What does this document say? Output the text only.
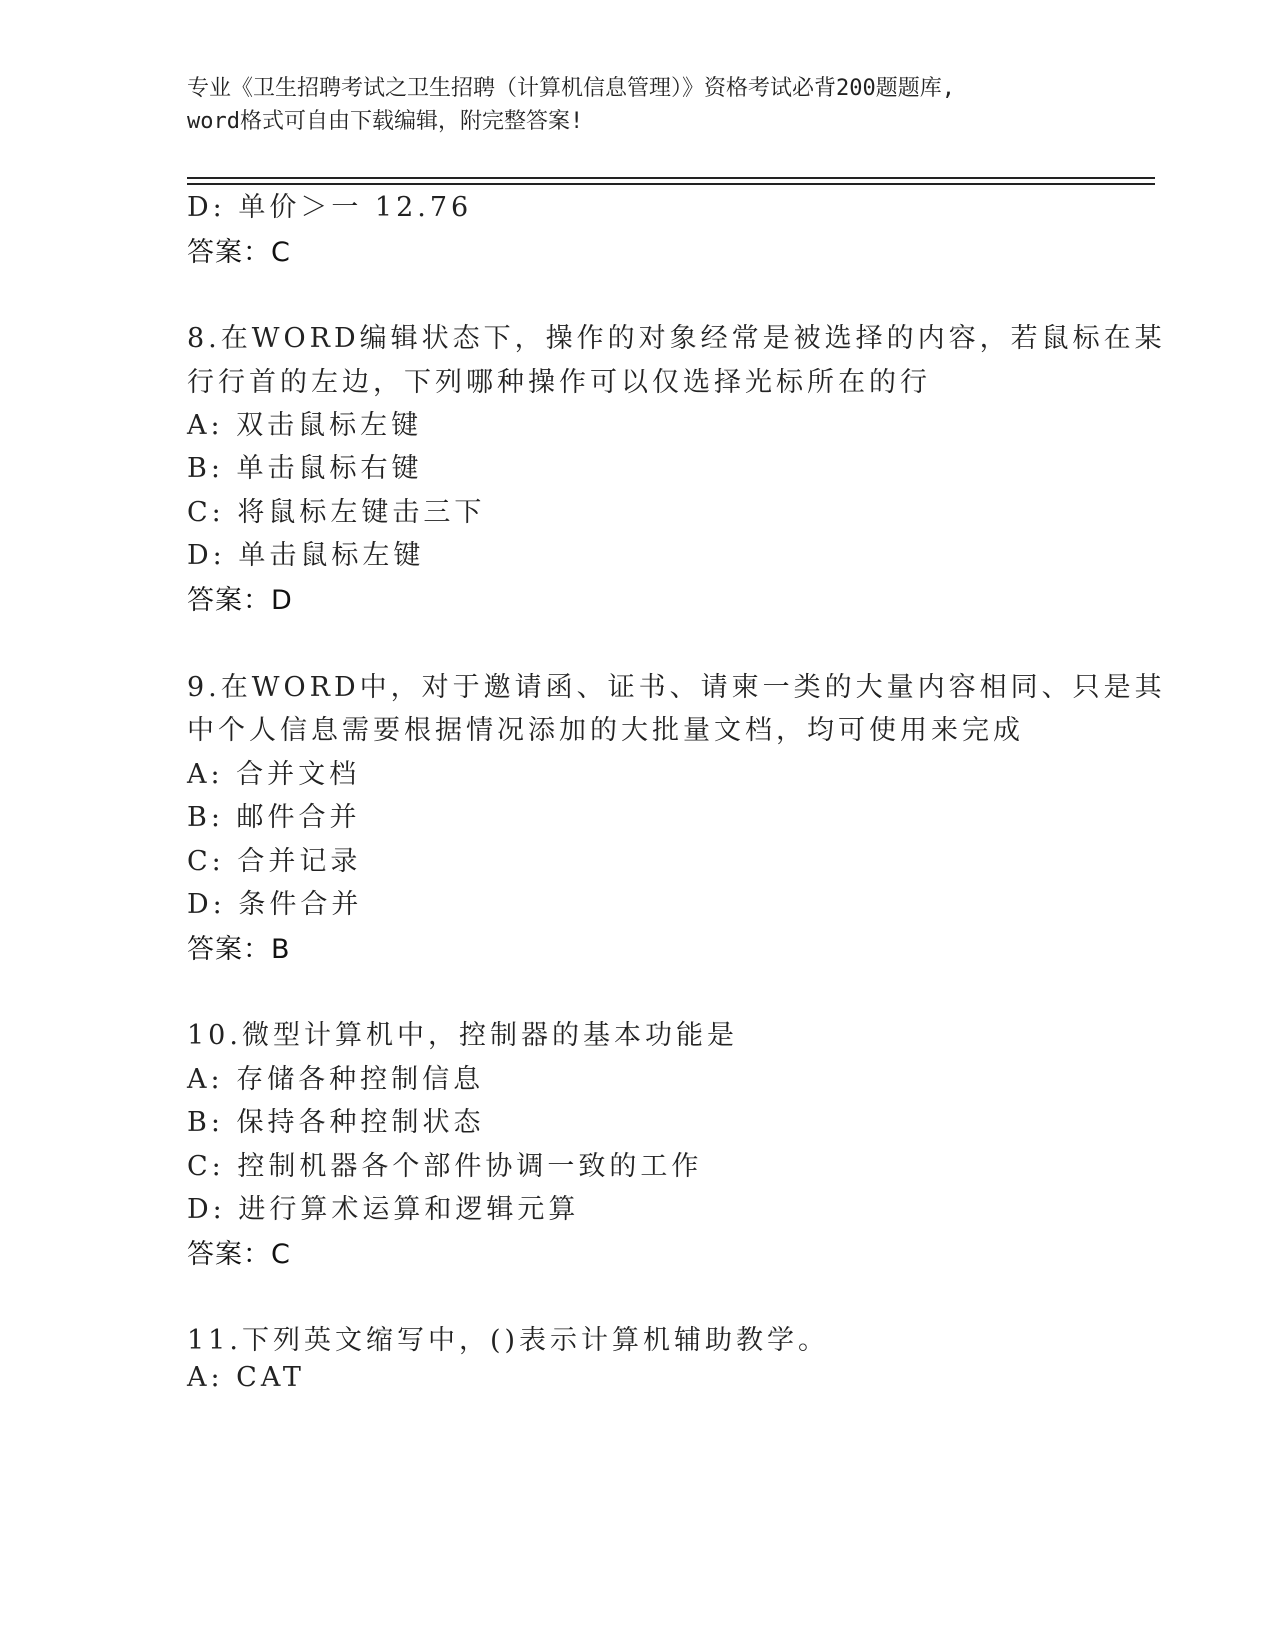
专业《卫生招聘考试之卫生招聘（计算机信息管理）》资格考试必背200题题库,
word格式可自由下载编辑，附完整答案!
D: 单价＞一 12.76
答案：C
8.在WORD编辑状态下，操作的对象经常是被选择的内容，若鼠标在某
行行首的左边，下列哪种操作可以仅选择光标所在的行
A: 双击鼠标左键
B: 单击鼠标右键
C: 将鼠标左键击三下
D: 单击鼠标左键
答案：D
9.在WORD中，对于邀请函、证书、请柬一类的大量内容相同、只是其
中个人信息需要根据情况添加的大批量文档，均可使用来完成
A: 合并文档
B: 邮件合并
C: 合并记录
D: 条件合并
答案：B
10.微型计算机中，控制器的基本功能是
A: 存储各种控制信息
B: 保持各种控制状态
C: 控制机器各个部件协调一致的工作
D: 进行算术运算和逻辑元算
答案：C
11.下列英文缩写中，()表示计算机辅助教学。
A: CAT
